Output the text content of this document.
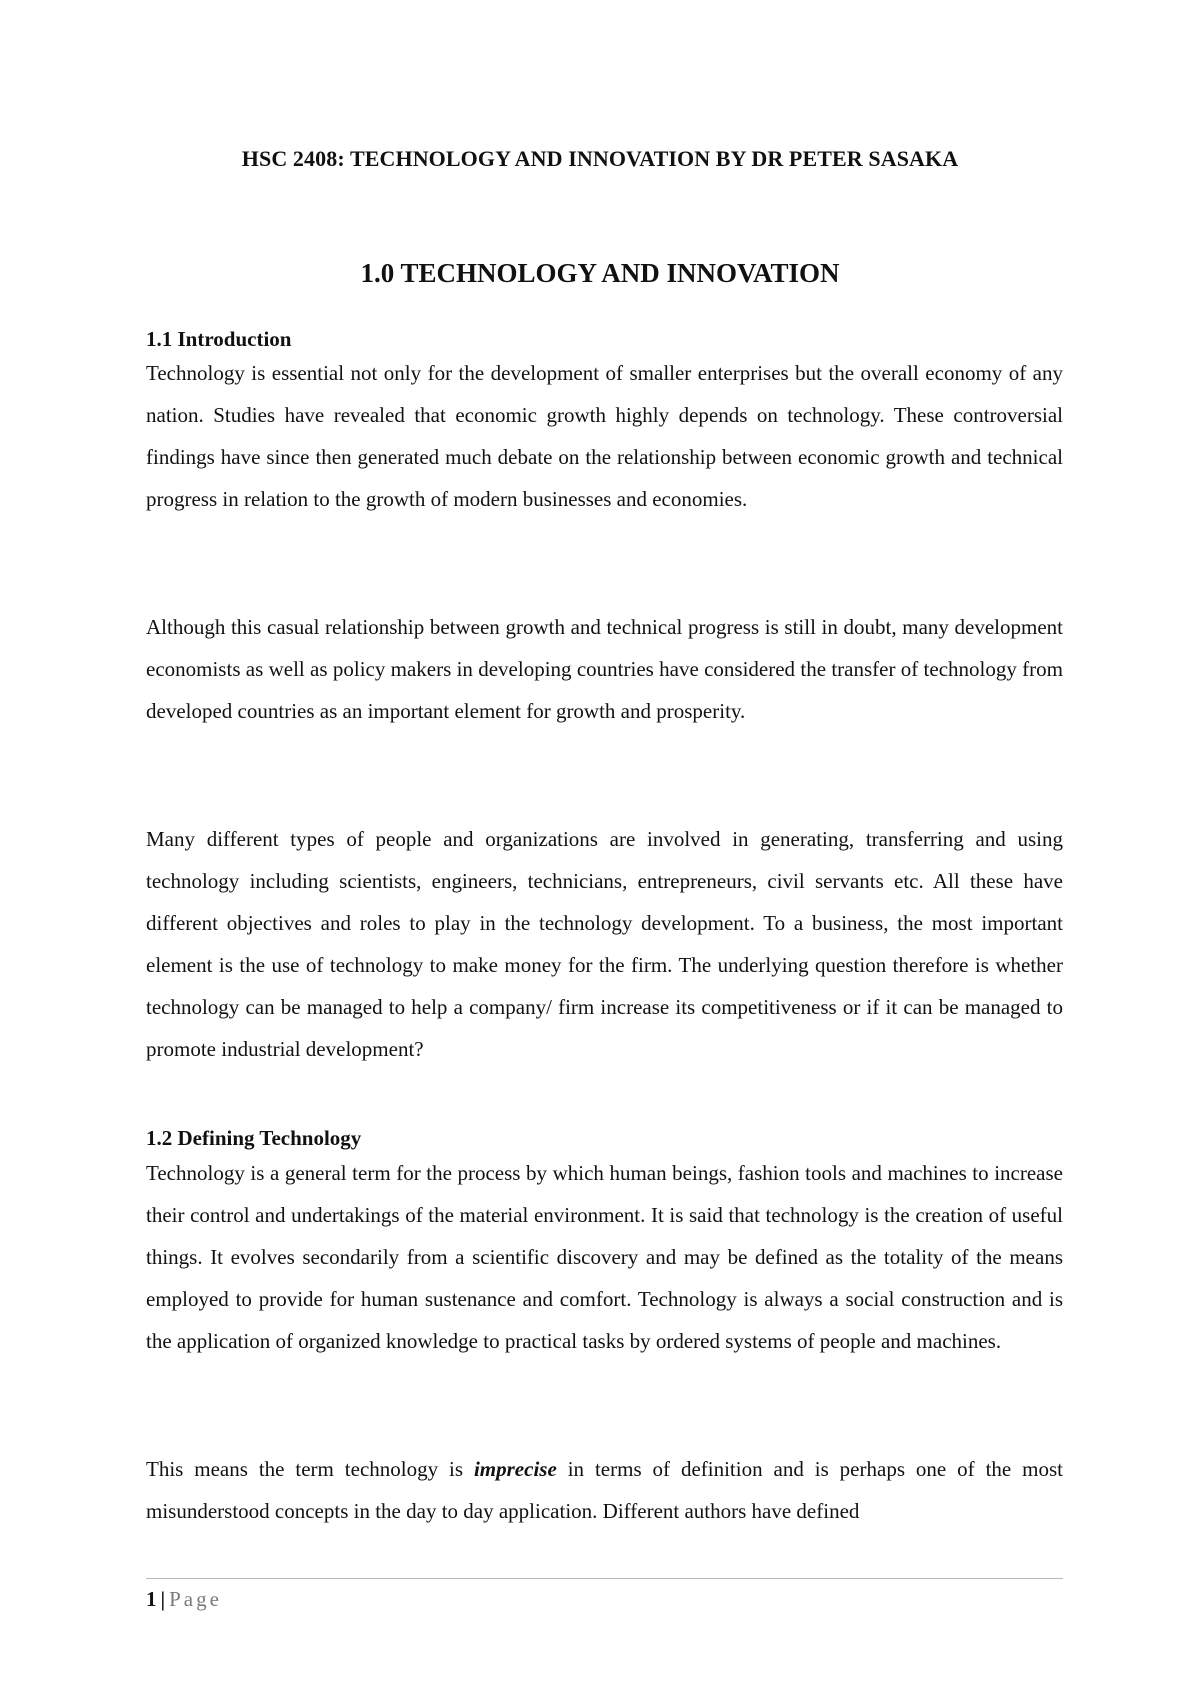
HSC 2408: TECHNOLOGY AND INNOVATION BY DR PETER SASAKA
1.0 TECHNOLOGY AND INNOVATION
1.1 Introduction

Technology is essential not only for the development of smaller enterprises but the overall economy of any nation. Studies have revealed that economic growth highly depends on technology. These controversial findings have since then generated much debate on the relationship between economic growth and technical progress in relation to the growth of modern businesses and economies.

Although this casual relationship between growth and technical progress is still in doubt, many development economists as well as policy makers in developing countries have considered the transfer of technology from developed countries as an important element for growth and prosperity.

Many different types of people and organizations are involved in generating, transferring and using technology including scientists, engineers, technicians, entrepreneurs, civil servants etc. All these have different objectives and roles to play in the technology development. To a business, the most important element is the use of technology to make money for the firm. The underlying question therefore is whether technology can be managed to help a company/ firm increase its competitiveness or if it can be managed to promote industrial development?

1.2 Defining Technology

Technology is a general term for the process by which human beings, fashion tools and machines to increase their control and undertakings of the material environment. It is said that technology is the creation of useful things. It evolves secondarily from a scientific discovery and may be defined as the totality of the means employed to provide for human sustenance and comfort. Technology is always a social construction and is the application of organized knowledge to practical tasks by ordered systems of people and machines.

This means the term technology is imprecise in terms of definition and is perhaps one of the most misunderstood concepts in the day to day application. Different authors have defined

1 | Page
